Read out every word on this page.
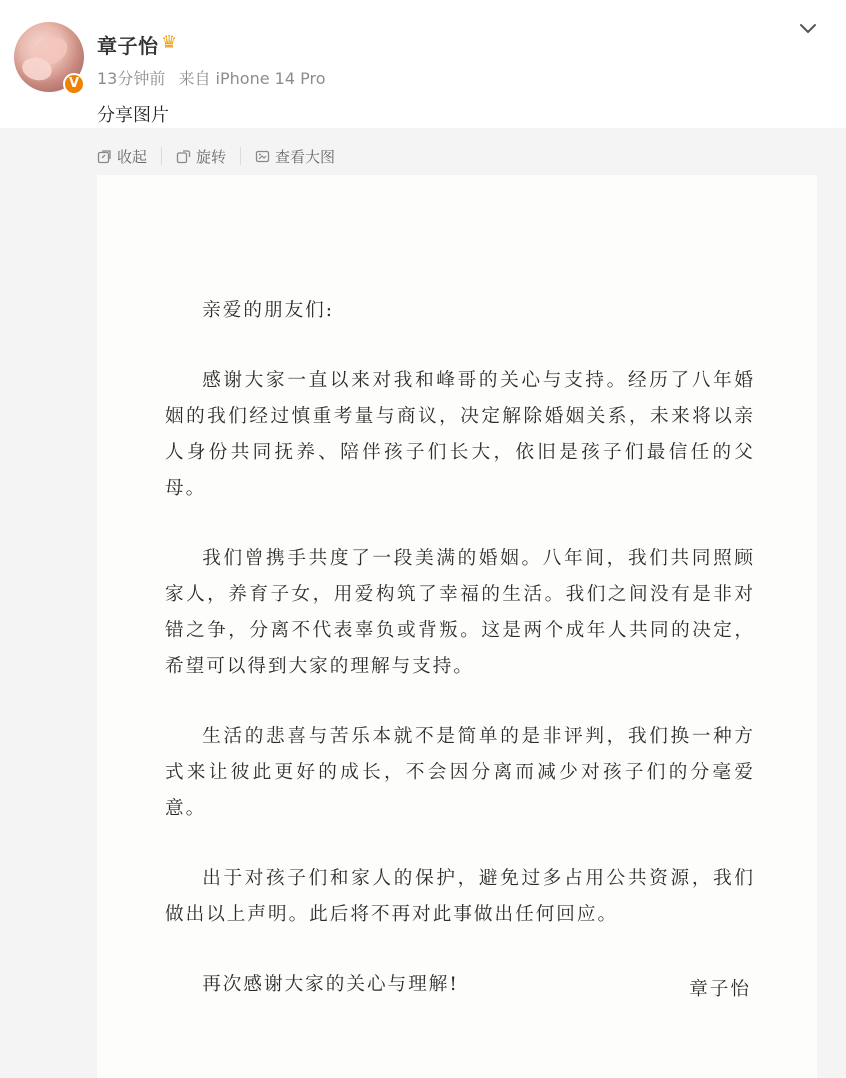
V
章子怡 ♛
13分钟前 来自 iPhone 14 Pro
分享图片
收起	旋转	查看大图

亲爱的朋友们:

感谢大家一直以来对我和峰哥的关心与支持。经历了八年婚姻的我们经过慎重考量与商议，决定解除婚姻关系，未来将以亲人身份共同抚养、陪伴孩子们长大，依旧是孩子们最信任的父母。

我们曾携手共度了一段美满的婚姻。八年间，我们共同照顾家人，养育子女，用爱构筑了幸福的生活。我们之间没有是非对错之争，分离不代表辜负或背叛。这是两个成年人共同的决定，希望可以得到大家的理解与支持。

生活的悲喜与苦乐本就不是简单的是非评判，我们换一种方式来让彼此更好的成长，不会因分离而减少对孩子们的分毫爱意。

出于对孩子们和家人的保护，避免过多占用公共资源，我们做出以上声明。此后将不再对此事做出任何回应。

再次感谢大家的关心与理解!	章子怡
